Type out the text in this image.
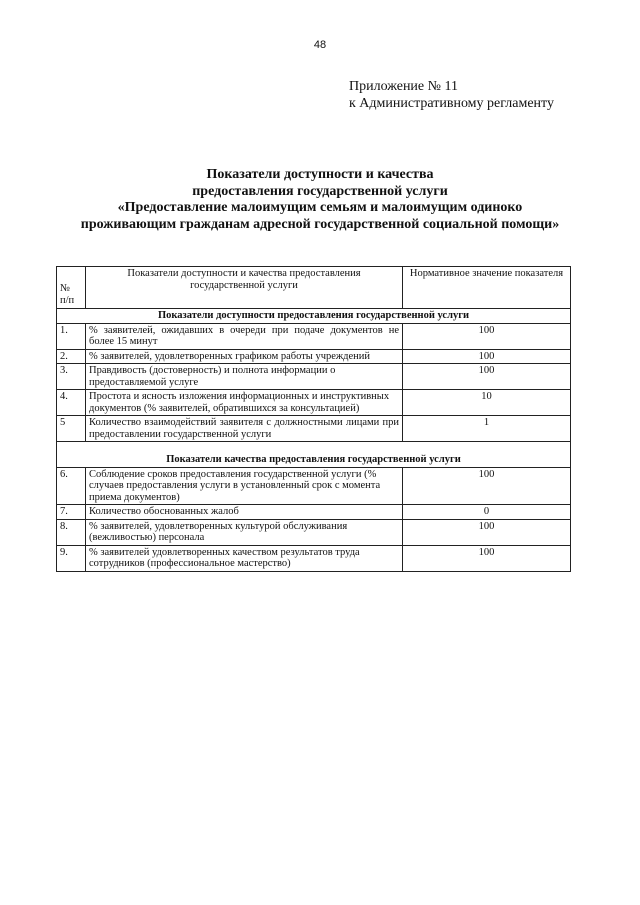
48
Приложение № 11
к Административному регламенту
Показатели доступности и качества
предоставления государственной услуги
«Предоставление малоимущим семьям и малоимущим одиноко
проживающим гражданам адресной государственной социальной помощи»
№
п/п	Показатели доступности и качества предоставления государственной услуги	Нормативное значение показателя
Показатели доступности предоставления государственной услуги		
1.	% заявителей, ожидавших в очереди при подаче документов не более 15 минут	100
2.	% заявителей, удовлетворенных графиком работы учреждений	100
3.	Правдивость (достоверность) и полнота информации о предоставляемой услуге	100
4.	Простота и ясность изложения информационных и инструктивных документов (% заявителей, обратившихся за консультацией)	10
5	Количество взаимодействий заявителя с должностными лицами при предоставлении государственной услуги	1
Показатели качества предоставления государственной услуги		
6.	Соблюдение сроков предоставления государственной услуги (% случаев предоставления услуги в установленный срок с момента приема документов)	100
7.	Количество обоснованных жалоб	0
8.	% заявителей, удовлетворенных культурой обслуживания (вежливостью) персонала	100
9.	% заявителей удовлетворенных качеством результатов труда сотрудников (профессиональное мастерство)	100
